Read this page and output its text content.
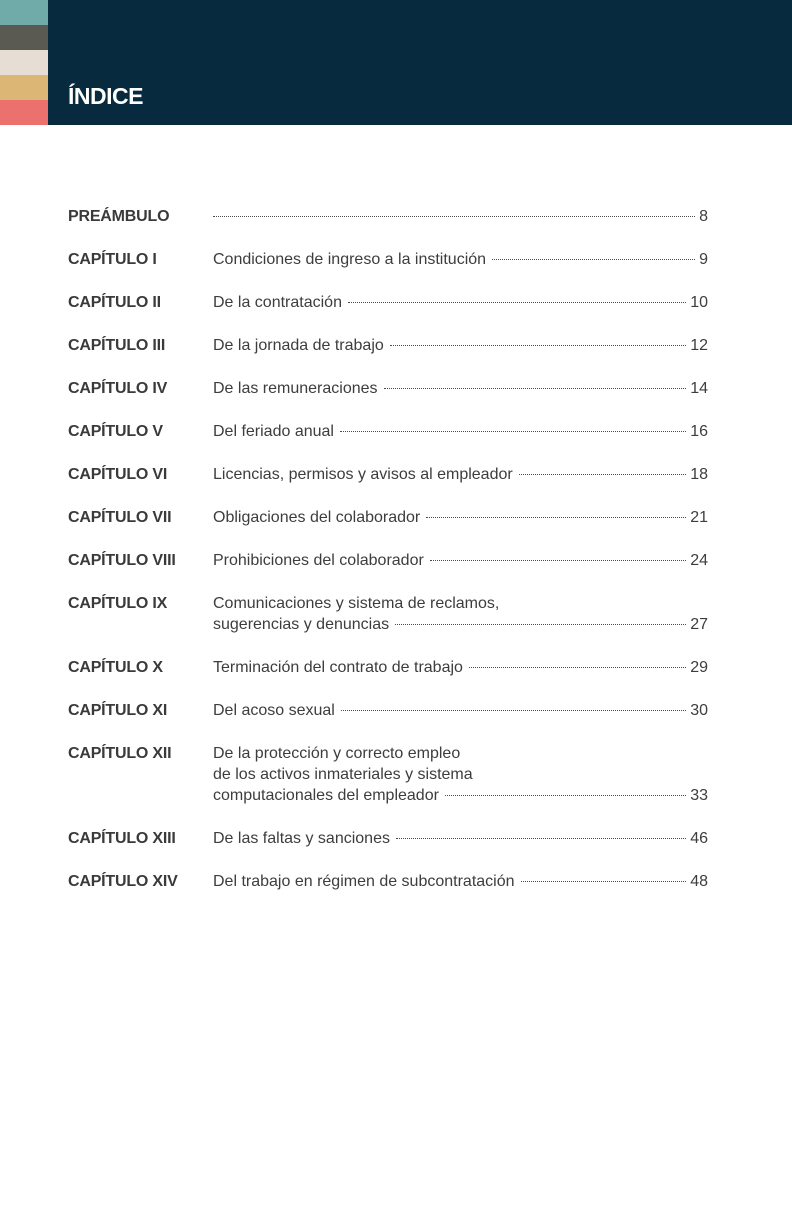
ÍNDICE
PREÁMBULO	8
CAPÍTULO I	Condiciones de ingreso a la institución	9
CAPÍTULO II	De la contratación	10
CAPÍTULO III	De la jornada de trabajo	12
CAPÍTULO IV	De las remuneraciones	14
CAPÍTULO V	Del feriado anual	16
CAPÍTULO VI	Licencias, permisos y avisos al empleador	18
CAPÍTULO VII	Obligaciones del colaborador	21
CAPÍTULO VIII	Prohibiciones del colaborador	24
CAPÍTULO IX	Comunicaciones y sistema de reclamos,
sugerencias y denuncias	27
CAPÍTULO X	Terminación del contrato de trabajo	29
CAPÍTULO XI	Del acoso sexual	30
CAPÍTULO XII	De la protección y correcto empleo
de los activos inmateriales y sistema
computacionales del empleador	33
CAPÍTULO XIII	De las faltas y sanciones	46
CAPÍTULO XIV	Del trabajo en régimen de subcontratación	48
